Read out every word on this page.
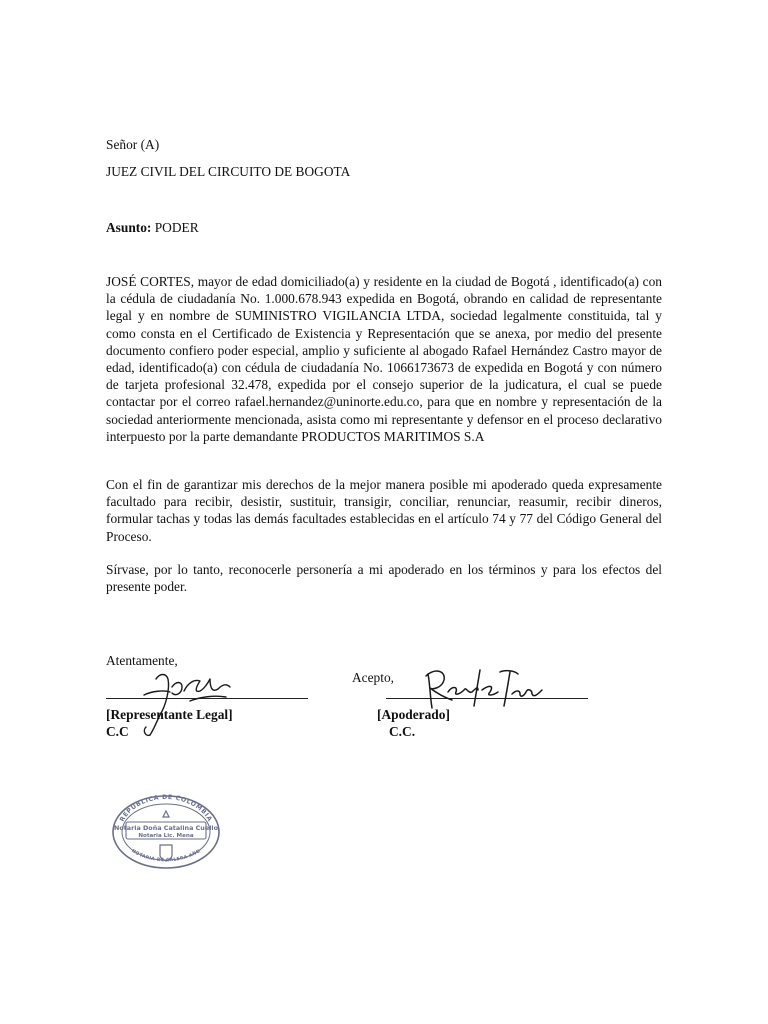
Señor (A)

JUEZ CIVIL DEL CIRCUITO DE BOGOTA

Asunto: PODER

JOSÉ CORTES, mayor de edad domiciliado(a) y residente en la ciudad de Bogotá , identificado(a) con la cédula de ciudadanía No. 1.000.678.943 expedida en Bogotá, obrando en calidad de representante legal y en nombre de SUMINISTRO VIGILANCIA LTDA, sociedad legalmente constituida, tal y como consta en el Certificado de Existencia y Representación que se anexa, por medio del presente documento confiero poder especial, amplio y suficiente al abogado Rafael Hernández Castro mayor de edad, identificado(a) con cédula de ciudadanía No. 1066173673 de expedida en Bogotá y con número de tarjeta profesional 32.478, expedida por el consejo superior de la judicatura, el cual se puede contactar por el correo rafael.hernandez@uninorte.edu.co, para que en nombre y representación de la sociedad anteriormente mencionada, asista como mi representante y defensor en el proceso declarativo interpuesto por la parte demandante PRODUCTOS MARITIMOS S.A

Con el fin de garantizar mis derechos de la mejor manera posible mi apoderado queda expresamente facultado para recibir, desistir, sustituir, transigir, conciliar, renunciar, reasumir, recibir dineros, formular tachas y todas las demás facultades establecidas en el artículo 74 y 77 del Código General del Proceso.

Sírvase, por lo tanto, reconocerle personería a mi apoderado en los términos y para los efectos del presente poder.

Atentamente,

Acepto,

[Representante Legal]

C.C

[Apoderado]

C.C.

REPUBLICA DE COLOMBIA
Notaria Doña Catalina Cuello
Notaria Lic. Mena
NOTARIA DE CALERA AÑO
